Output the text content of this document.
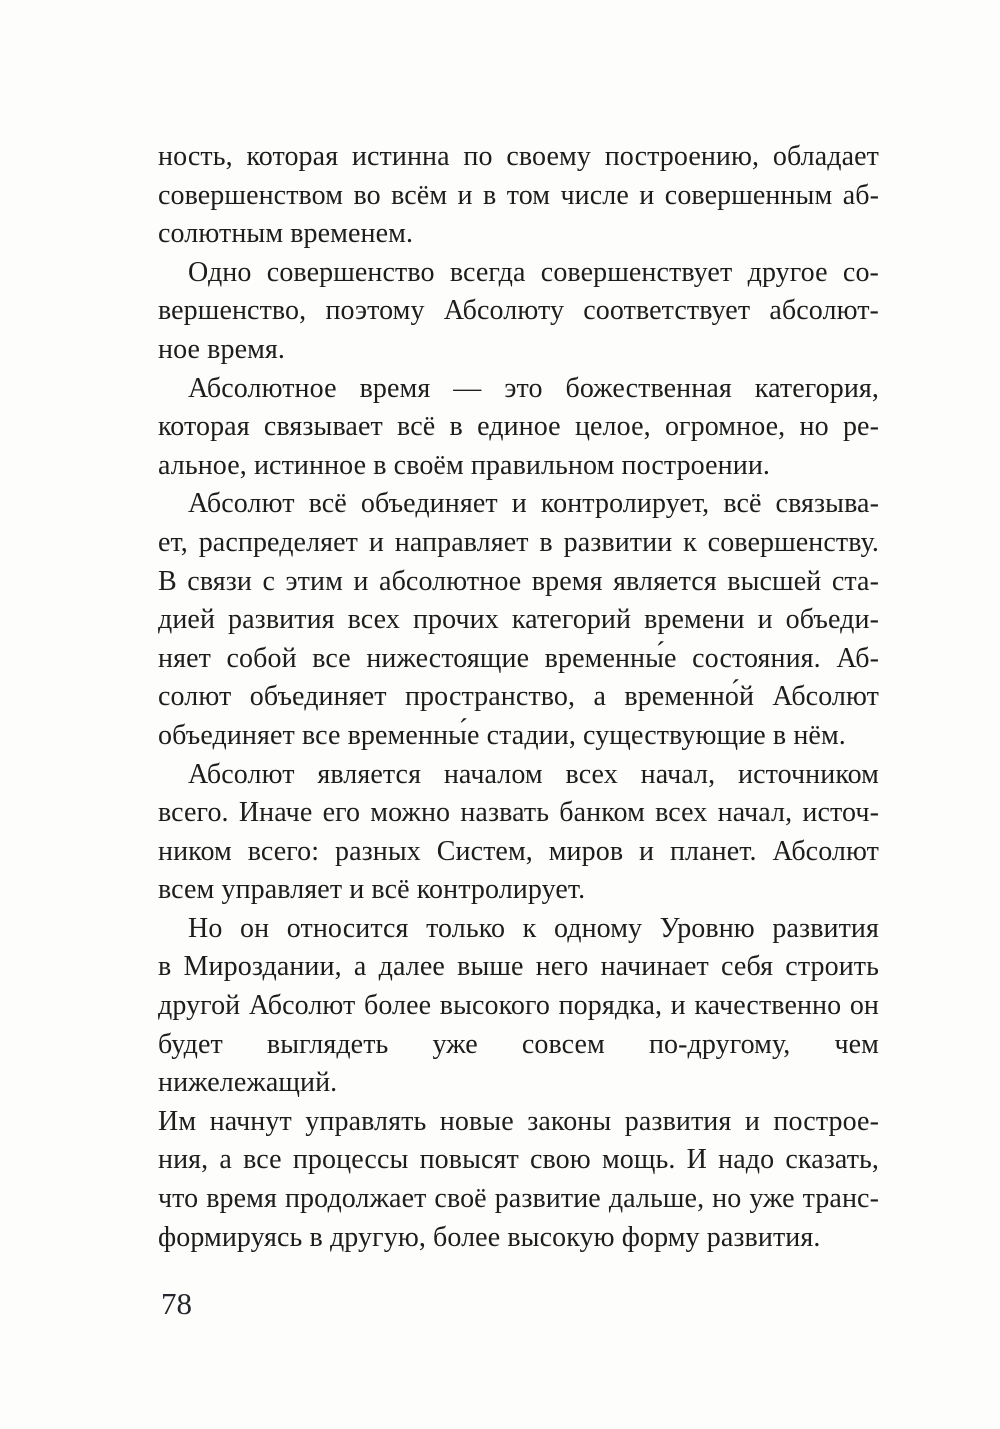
ность, которая истинна по своему построению, обладает
совершенством во всём и в том числе и совершенным аб-
солютным временем.
Одно совершенство всегда совершенствует другое со-
вершенство, поэтому Абсолюту соответствует абсолют-
ное время.
Абсолютное время — это божественная категория,
которая связывает всё в единое целое, огромное, но ре-
альное, истинное в своём правильном построении.
Абсолют всё объединяет и контролирует, всё связыва-
ет, распределяет и направляет в развитии к совершенству.
В связи с этим и абсолютное время является высшей ста-
дией развития всех прочих категорий времени и объеди-
няет собой все нижестоящие временны́е состояния. Аб-
солют объединяет пространство, а временно́й Абсолют
объединяет все временны́е стадии, существующие в нём.
Абсолют является началом всех начал, источником
всего. Иначе его можно назвать банком всех начал, источ-
ником всего: разных Систем, миров и планет. Абсолют
всем управляет и всё контролирует.
Но он относится только к одному Уровню развития
в Мироздании, а далее выше него начинает себя строить
другой Абсолют более высокого порядка, и качественно он
будет выглядеть уже совсем по-другому, чем нижележащий.
Им начнут управлять новые законы развития и построе-
ния, а все процессы повысят свою мощь. И надо сказать,
что время продолжает своё развитие дальше, но уже транс-
формируясь в другую, более высокую форму развития.
78
